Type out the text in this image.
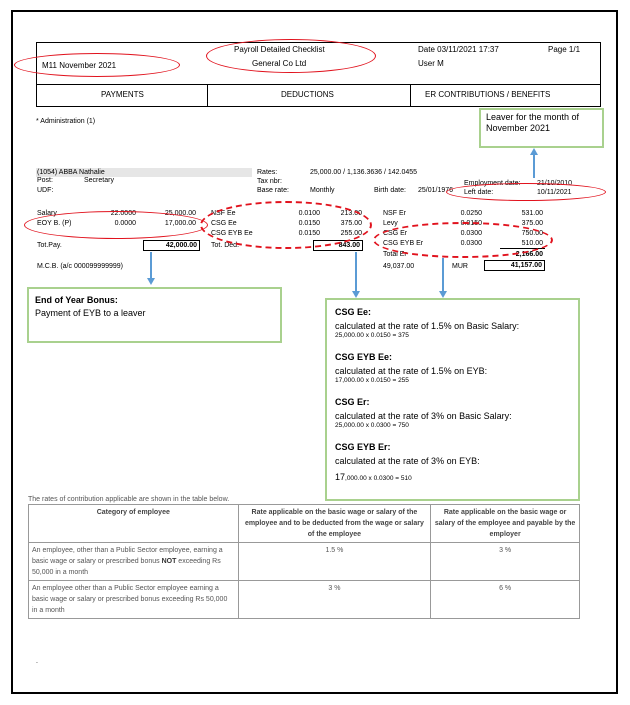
M11 November 2021
Payroll Detailed Checklist
General Co Ltd
Date 03/11/2021 17:37	Page 1/1
User M
PAYMENTS	DEDUCTIONS	ER CONTRIBUTIONS / BENEFITS
* Administration (1)	Leaver for the month of November 2021
(1054) ABBA Nathalie
Post:	Secretary
UDF:
Rates:	25,000.00 / 1,136.3636 / 142.0455
Tax nbr:
Base rate:	Monthly	Birth date: 25/01/1976
Employment date: 21/10/2010
Left date:	10/11/2021
Salary	22.0000	25,000.00
EOY B. (P)	0.0000	17,000.00
Tot.Pay.	42,000.00
M.C.B. (a/c 000099999999)
NSF Ee	0.0100	213.00
CSG Ee	0.0150	375.00
CSG EYB Ee	0.0150	255.00
Tot. Ded.	843.00
NSF Er	0.0250	531.00
Levy	0.0150	375.00
CSG Er	0.0300	750.00
CSG EYB Er	0.0300	510.00
Total Er	2,166.00
49,037.00	MUR	41,157.00
End of Year Bonus:
Payment of EYB to a leaver	CSG Ee:
calculated at the rate of 1.5% on Basic Salary:
25,000.00 x 0.0150 = 375
CSG EYB Ee:
calculated at the rate of 1.5% on EYB:
17,000.00 x 0.0150 = 255
CSG Er:
calculated at the rate of 3% on Basic Salary:
25,000.00 x 0.0300 = 750
CSG EYB Er:
calculated at the rate of 3% on EYB:
17,000.00 x 0.0300 = 510
The rates of contribution applicable are shown in the table below.
Category of employee	Rate applicable on the basic wage or salary of the employee and to be deducted from the wage or salary of the employee	Rate applicable on the basic wage or salary of the employee and payable by the employer
An employee, other than a Public Sector employee, earning a basic wage or salary or prescribed bonus NOT exceeding Rs 50,000 in a month	1.5 %	3 %
An employee other than a Public Sector employee earning a basic wage or salary or prescribed bonus exceeding Rs 50,000 in a month	3 %	6 %
.
